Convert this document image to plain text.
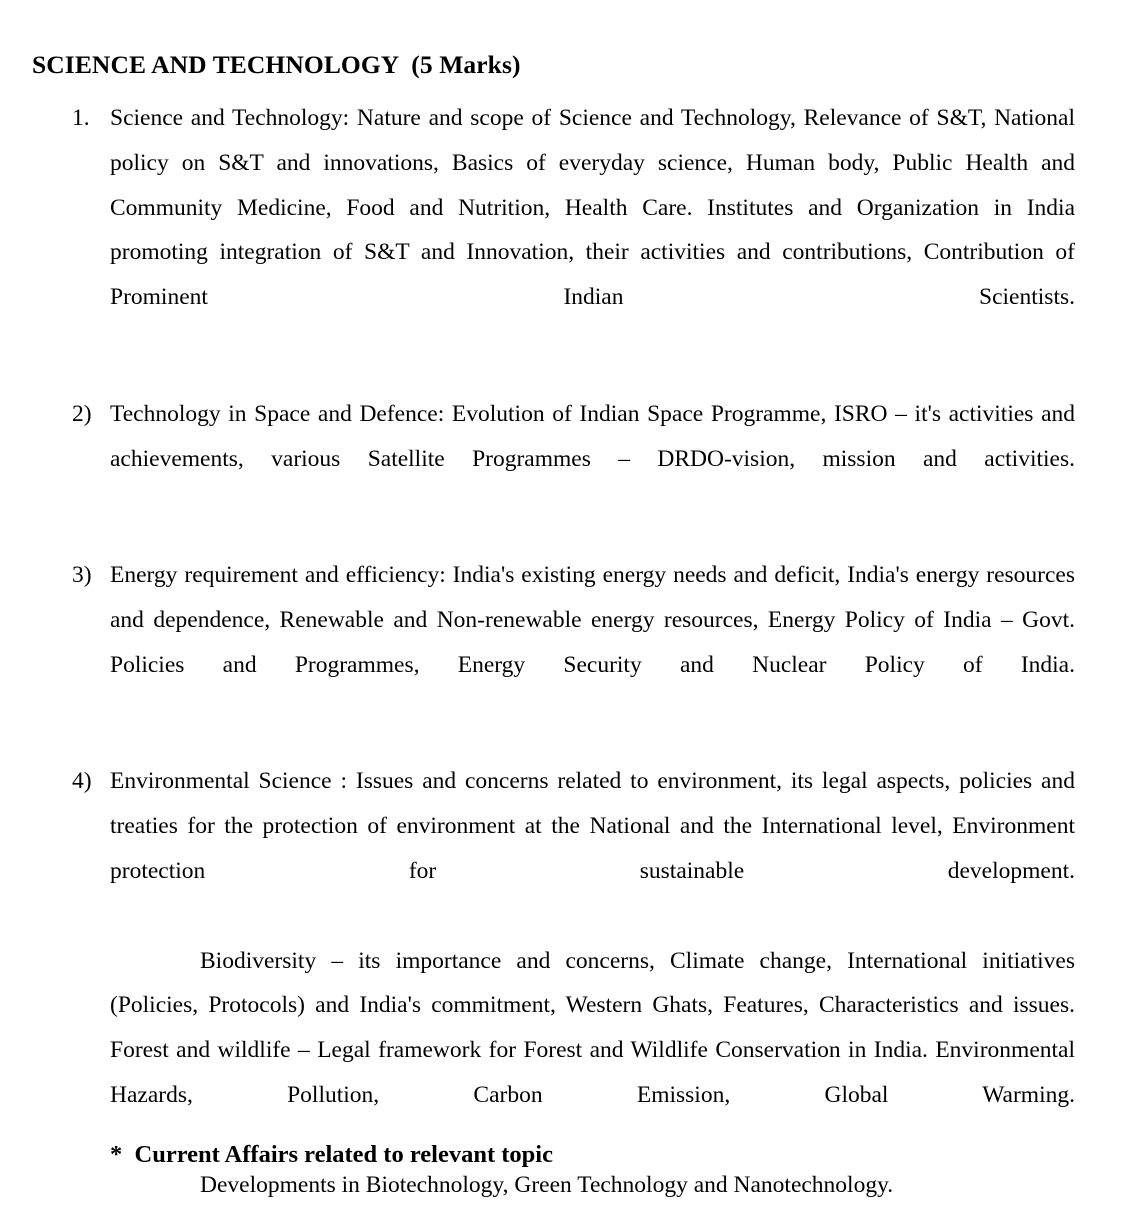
SCIENCE AND TECHNOLOGY  (5 Marks)
1. Science and Technology: Nature and scope of Science and Technology, Relevance of S&T, National policy on S&T and innovations, Basics of everyday science, Human body, Public Health and Community Medicine, Food and Nutrition, Health Care. Institutes and Organization in India promoting integration of S&T and Innovation, their activities and contributions, Contribution of Prominent Indian Scientists.
2) Technology in Space and Defence: Evolution of Indian Space Programme, ISRO – it's activities and achievements, various Satellite Programmes – DRDO-vision, mission and activities.
3) Energy requirement and efficiency: India's existing energy needs and deficit, India's energy resources and dependence, Renewable and Non-renewable energy resources, Energy Policy of India – Govt. Policies and Programmes, Energy Security and Nuclear Policy of India.
4) Environmental Science : Issues and concerns related to environment, its legal aspects, policies and treaties for the protection of environment at the National and the International level, Environment protection for sustainable development.
Biodiversity – its importance and concerns, Climate change, International initiatives (Policies, Protocols) and India's commitment, Western Ghats, Features, Characteristics and issues. Forest and wildlife – Legal framework for Forest and Wildlife Conservation in India. Environmental Hazards, Pollution, Carbon Emission, Global Warming.
Developments in Biotechnology, Green Technology and Nanotechnology.
*  Current Affairs related to relevant topic
